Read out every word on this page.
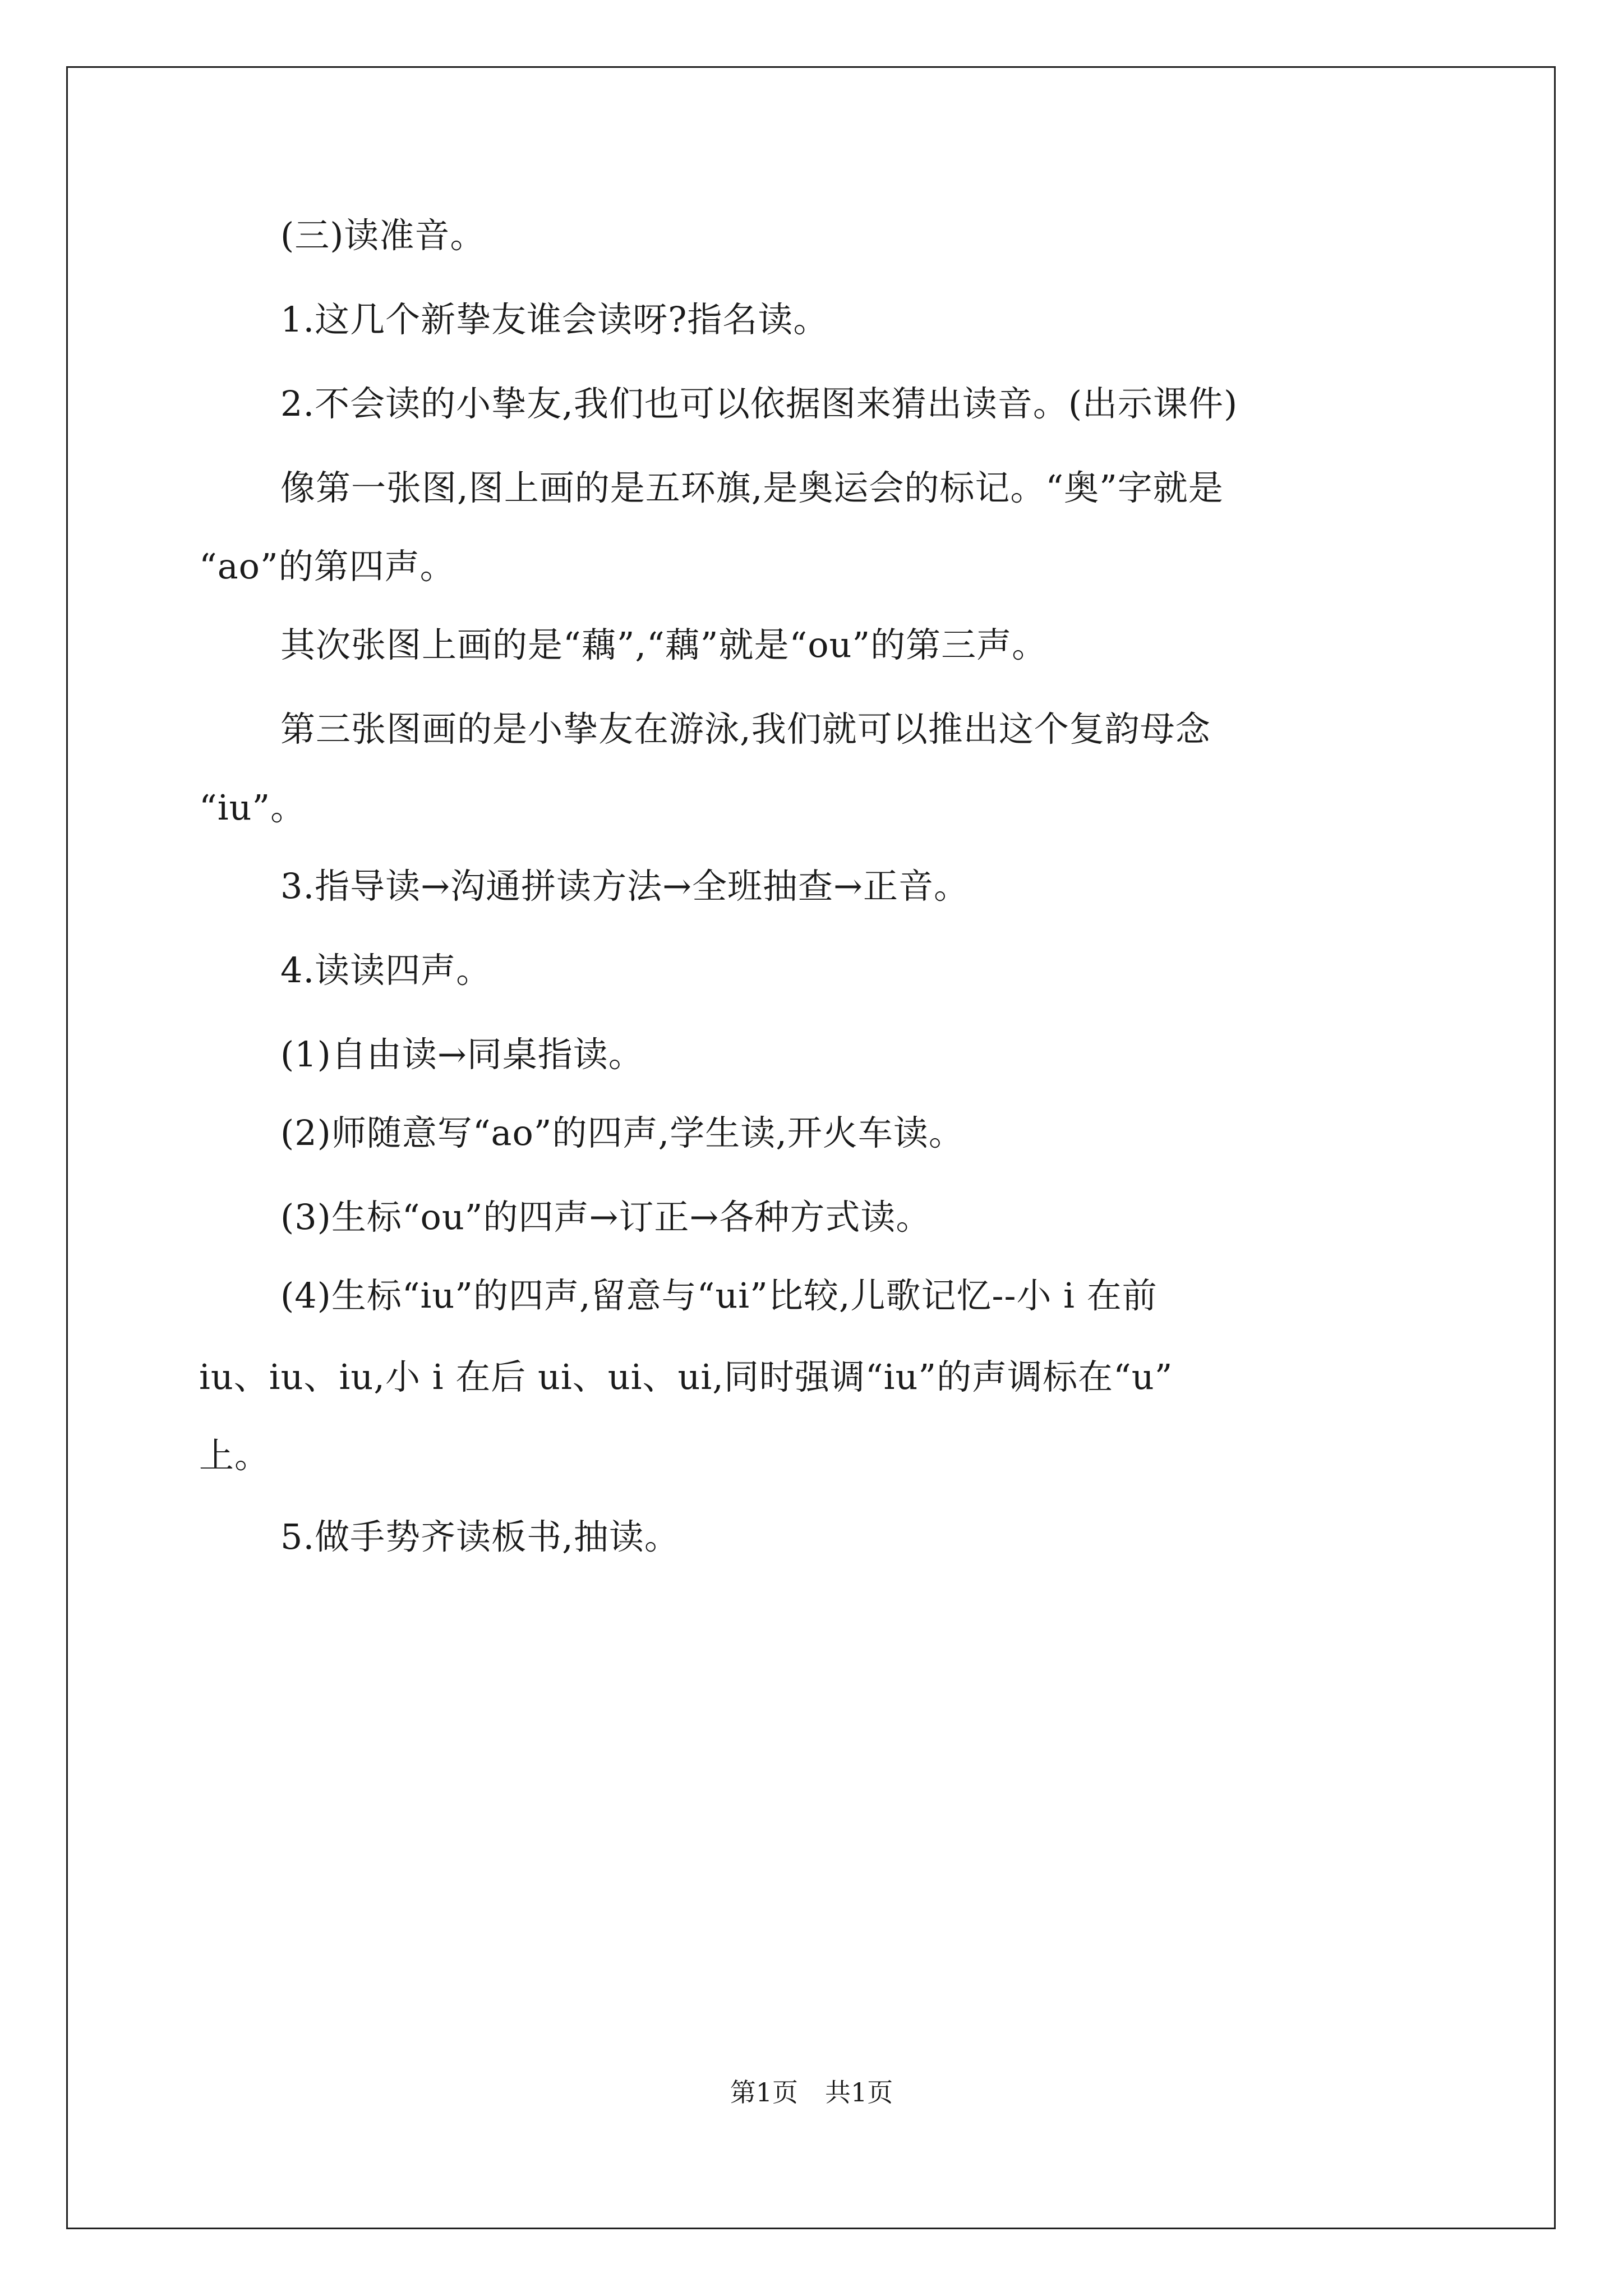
(三)读准音。
1.这几个新挚友谁会读呀?指名读。
2.不会读的小挚友,我们也可以依据图来猜出读音。(出示课件)
像第一张图,图上画的是五环旗,是奥运会的标记。“奥”字就是
“ao”的第四声。
其次张图上画的是“藕”,“藕”就是“ou”的第三声。
第三张图画的是小挚友在游泳,我们就可以推出这个复韵母念
“iu”。
3.指导读→沟通拼读方法→全班抽查→正音。
4.读读四声。
(1)自由读→同桌指读。
(2)师随意写“ao”的四声,学生读,开火车读。
(3)生标“ou”的四声→订正→各种方式读。
(4)生标“iu”的四声,留意与“ui”比较,儿歌记忆--小 i 在前
iu、iu、iu,小 i 在后 ui、ui、ui,同时强调“iu”的声调标在“u”
上。
5.做手势齐读板书,抽读。
第1页 共1页
